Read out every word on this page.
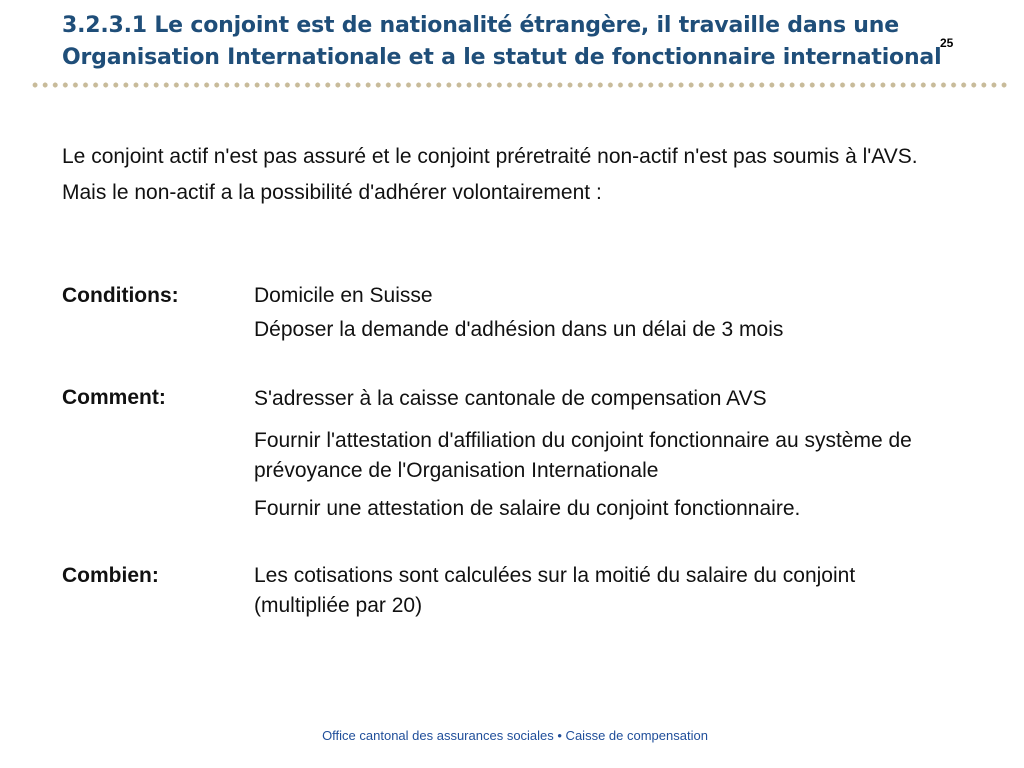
3.2.3.1 Le conjoint est de nationalité étrangère, il travaille dans une
Organisation Internationale et a le statut de fonctionnaire international
25

Le conjoint actif n'est pas assuré et le conjoint préretraité non-actif n'est pas soumis à l'AVS.

Mais le non-actif a la possibilité d'adhérer volontairement :

Conditions:	Domicile en Suisse

Déposer la demande d'adhésion dans un délai de 3 mois

Comment:	S'adresser à la caisse cantonale de compensation AVS

Fournir l'attestation d'affiliation du conjoint fonctionnaire au système de prévoyance de l'Organisation Internationale

Fournir une attestation de salaire du conjoint fonctionnaire.

Combien:	Les cotisations sont calculées sur la moitié du salaire du conjoint (multipliée par 20)

Office cantonal des assurances sociales • Caisse de compensation
